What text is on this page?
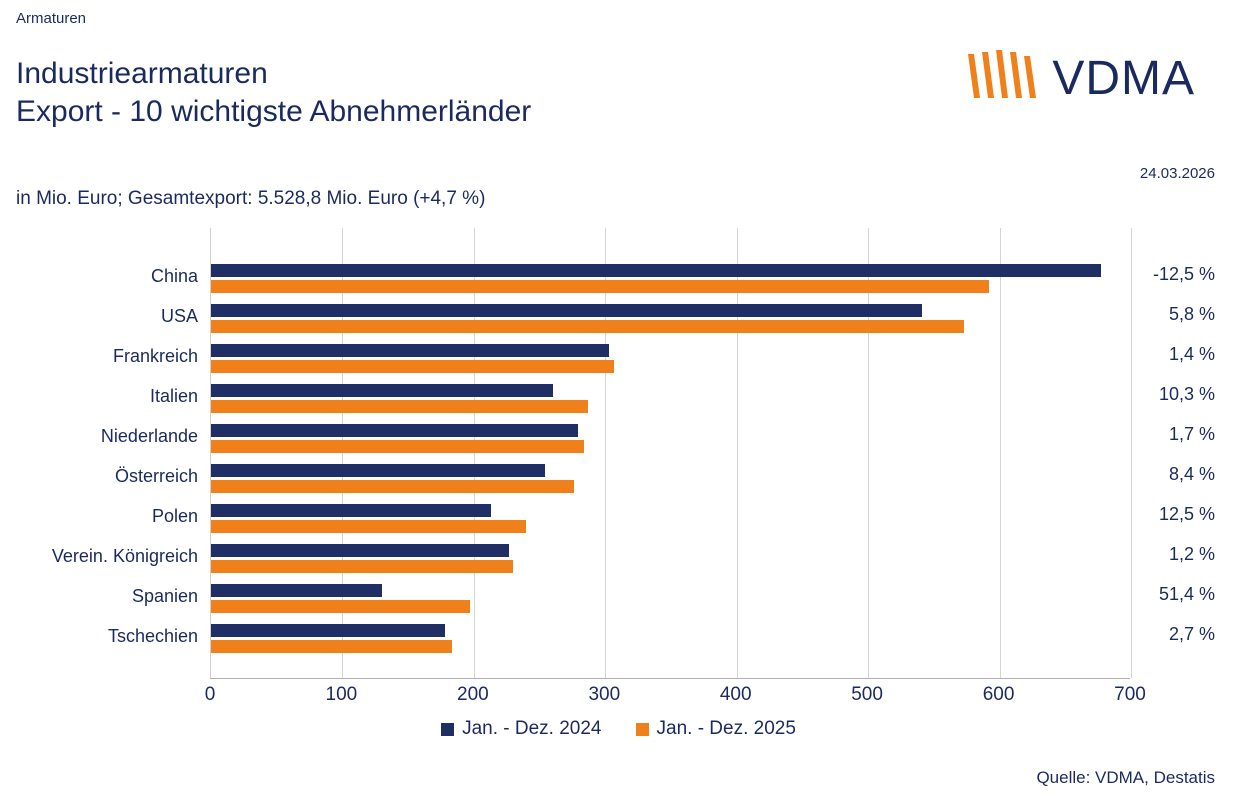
Armaturen
Industriearmaturen
Export - 10 wichtigste Abnehmerländer
in Mio. Euro; Gesamtexport: 5.528,8 Mio. Euro (+4,7 %)
24.03.2026
VDMA
0	100	200	300	400	500	600	700
China	-12,5 %
USA	5,8 %
Frankreich	1,4 %
Italien	10,3 %
Niederlande	1,7 %
Österreich	8,4 %
Polen	12,5 %
Verein. Königreich	1,2 %
Spanien	51,4 %
Tschechien	2,7 %
Jan. - Dez. 2024	Jan. - Dez. 2025
Quelle: VDMA, Destatis
